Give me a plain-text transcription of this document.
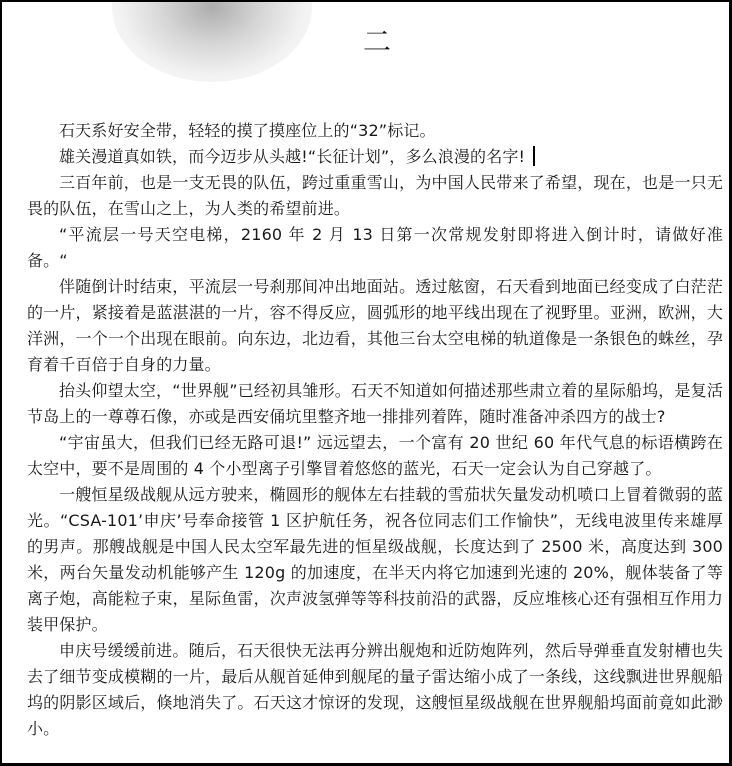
二

石天系好安全带，轻轻的摸了摸座位上的“32”标记。

雄关漫道真如铁，而今迈步从头越!“长征计划”，多么浪漫的名字!

三百年前，也是一支无畏的队伍，跨过重重雪山，为中国人民带来了希望，现在，也是一只无畏的队伍，在雪山之上，为人类的希望前进。

“平流层一号天空电梯，2160 年 2 月 13 日第一次常规发射即将进入倒计时，请做好准备。“

伴随倒计时结束，平流层一号刹那间冲出地面站。透过舷窗，石天看到地面已经变成了白茫茫的一片，紧接着是蓝湛湛的一片，容不得反应，圆弧形的地平线出现在了视野里。亚洲，欧洲，大洋洲，一个一个出现在眼前。向东边，北边看，其他三台太空电梯的轨道像是一条银色的蛛丝，孕育着千百倍于自身的力量。

抬头仰望太空，“世界舰”已经初具雏形。石天不知道如何描述那些肃立着的星际船坞，是复活节岛上的一尊尊石像，亦或是西安俑坑里整齐地一排排列着阵，随时准备冲杀四方的战士?

“宇宙虽大，但我们已经无路可退!” 远远望去，一个富有 20 世纪 60 年代气息的标语横跨在太空中，要不是周围的 4 个小型离子引擎冒着悠悠的蓝光，石天一定会认为自己穿越了。

一艘恒星级战舰从远方驶来，椭圆形的舰体左右挂载的雪茄状矢量发动机喷口上冒着微弱的蓝光。“CSA-101’申庆’号奉命接管 1 区护航任务，祝各位同志们工作愉快”，无线电波里传来雄厚的男声。那艘战舰是中国人民太空军最先进的恒星级战舰，长度达到了 2500 米，高度达到 300 米，两台矢量发动机能够产生 120g 的加速度，在半天内将它加速到光速的 20%，舰体装备了等离子炮，高能粒子束，星际鱼雷，次声波氢弹等等科技前沿的武器，反应堆核心还有强相互作用力装甲保护。

申庆号缓缓前进。随后，石天很快无法再分辨出舰炮和近防炮阵列，然后导弹垂直发射槽也失去了细节变成模糊的一片，最后从舰首延伸到舰尾的量子雷达缩小成了一条线，这线飘进世界舰船坞的阴影区域后，倏地消失了。石天这才惊讶的发现，这艘恒星级战舰在世界舰船坞面前竟如此渺小。
